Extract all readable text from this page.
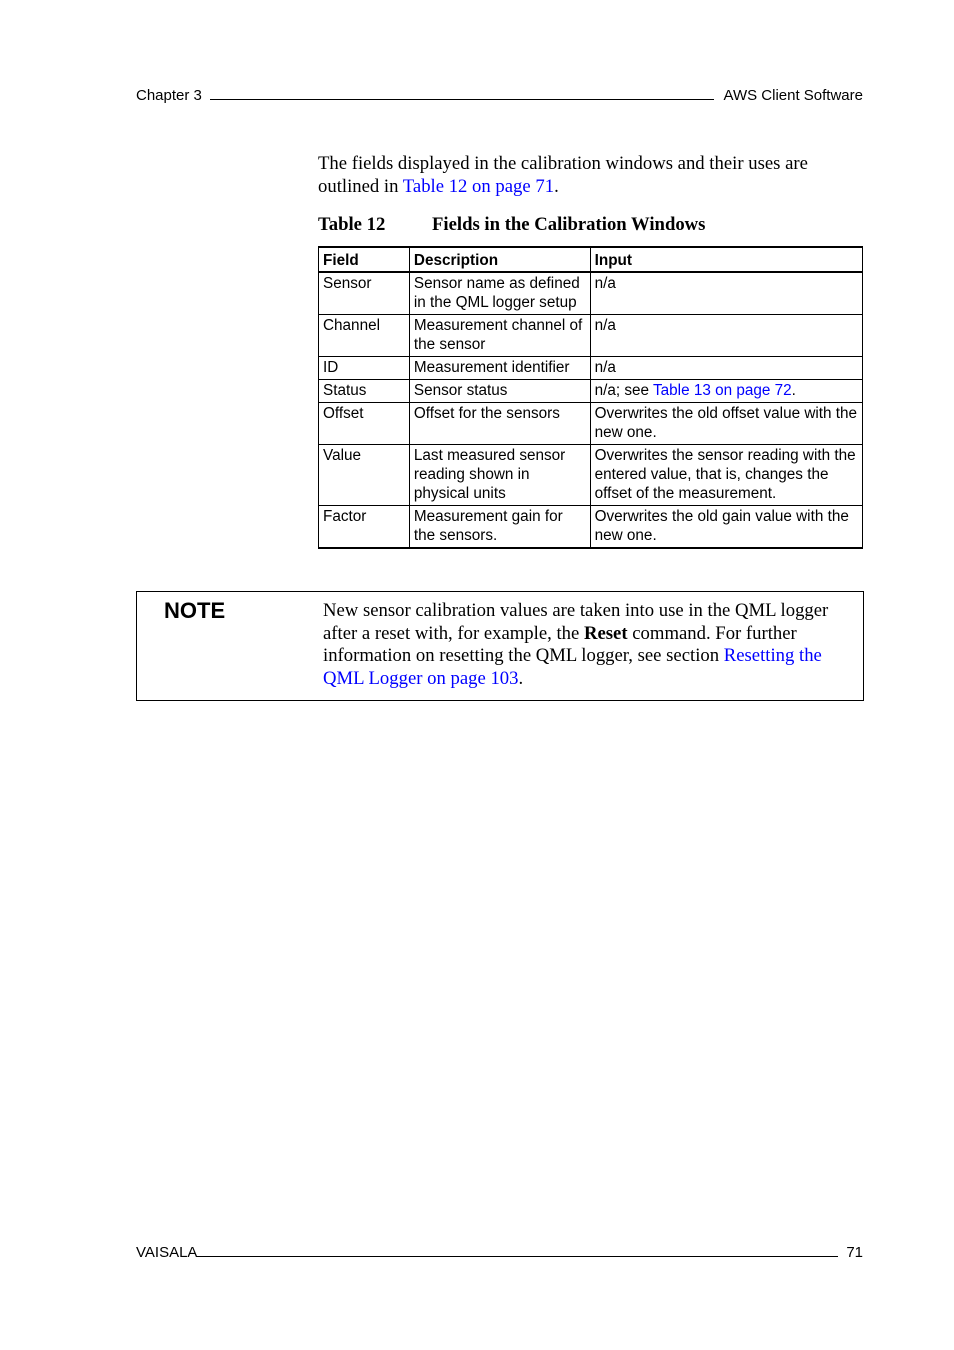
Chapter 3	AWS Client Software
The fields displayed in the calibration windows and their uses are outlined in Table 12 on page 71.
Table 12 Fields in the Calibration Windows
Field	Description	Input
Sensor	Sensor name as defined in the QML logger setup	n/a
Channel	Measurement channel of the sensor	n/a
ID	Measurement identifier	n/a
Status	Sensor status	n/a; see Table 13 on page 72.
Offset	Offset for the sensors	Overwrites the old offset value with the new one.
Value	Last measured sensor reading shown in physical units	Overwrites the sensor reading with the entered value, that is, changes the offset of the measurement.
Factor	Measurement gain for the sensors.	Overwrites the old gain value with the new one.
NOTE	New sensor calibration values are taken into use in the QML logger after a reset with, for example, the Reset command. For further information on resetting the QML logger, see section Resetting the QML Logger on page 103.
VAISALA	71
